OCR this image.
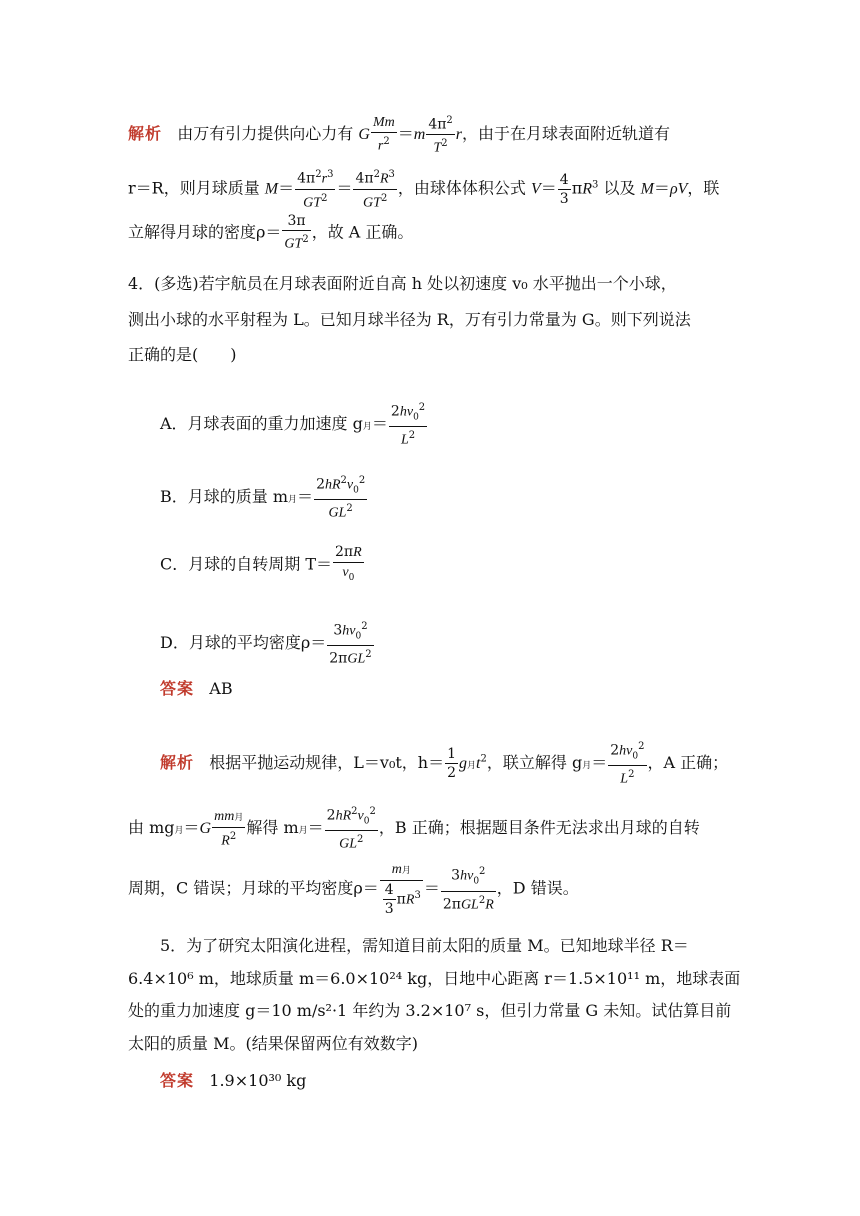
解析 由万有引力提供向心力有 G $\frac{Mm}{r^2} =m \frac{4\pi^2}{T^2}$ r，由于在月球表面附近轨道有
r＝R，则月球质量 $M= \frac{4\pi^2r^3}{GT^2} = \frac{4\pi^2R^3}{GT^2}$ ，由球体体积公式 $V= \frac{4}{3} \pi R^3$ 以及 M＝ρV，联
立解得月球的密度$\rho= \frac{3\pi}{GT^2}$ ，故 A 正确。
4．(多选)若宇航员在月球表面附近自高 h 处以初速度 v₀ 水平抛出一个小球，
测出小球的水平射程为 L。已知月球半径为 R，万有引力常量为 G。则下列说法
正确的是(　　)
A．月球表面的重力加速度 g月＝ $\frac{2hv_0^2}{L^2}$
B．月球的质量 m月＝ $\frac{2hR^2v_0^2}{GL^2}$
C．月球的自转周期 $T= \frac{2\pi R}{v_0}$
D．月球的平均密度$\rho= \frac{3hv_0^2}{2\pi GL^2}$
答案 AB
解析 根据平抛运动规律，L＝v₀t，$h= \frac{1}{2}$ g月$t^2$，联立解得 g月＝ $\frac{2hv_0^2}{L^2}$ ，A 正确；
由 mg月$=G \frac{\text{mm月}}{R^2}$ 解得 m月＝ $\frac{2hR^2v_0^2}{GL^2}$ ，B 正确；根据题目条件无法求出月球的自转
周期，C 错误；月球的平均密度$\rho= \frac{\text{m月}}{\frac{4}{3} \pi R^3} = \frac{3hv_0^2}{2\pi GL^2R}$ ，D 错误。
5．为了研究太阳演化进程，需知道目前太阳的质量 M。已知地球半径 R＝
6.4×10⁶ m，地球质量 m＝6.0×10²⁴ kg，日地中心距离 r＝1.5×10¹¹ m，地球表面
处的重力加速度 g＝10 m/s²·1 年约为 3.2×10⁷ s，但引力常量 G 未知。试估算目前
太阳的质量 M。(结果保留两位有效数字)
答案 1.9×10³⁰ kg
